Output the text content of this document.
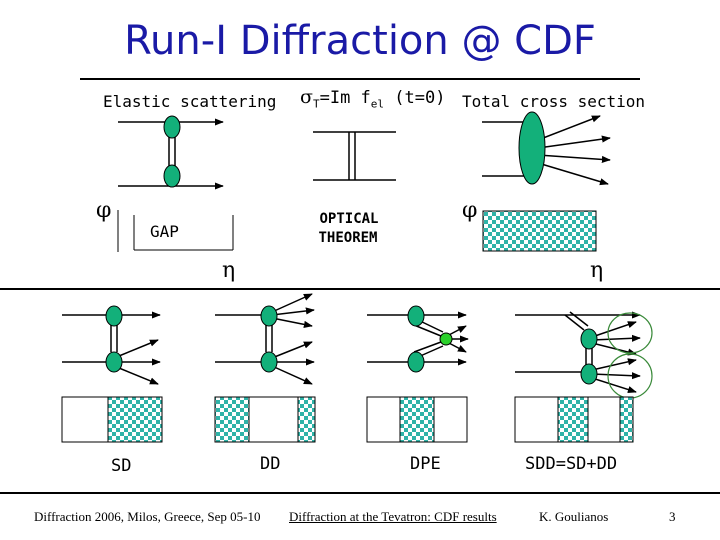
Run-I Diffraction @ CDF
Elastic scattering $\sigma_T=Im$ $f_{el}$ (t=0) Total cross section
φ
GAP
OPTICAL
THEOREM
φ
η	η
SD	DD	DPE	SDD=SD+DD
Diffraction 2006, Milos, Greece, Sep 05-10 Diffraction at the Tevatron: CDF results	K. Goulianos	3
